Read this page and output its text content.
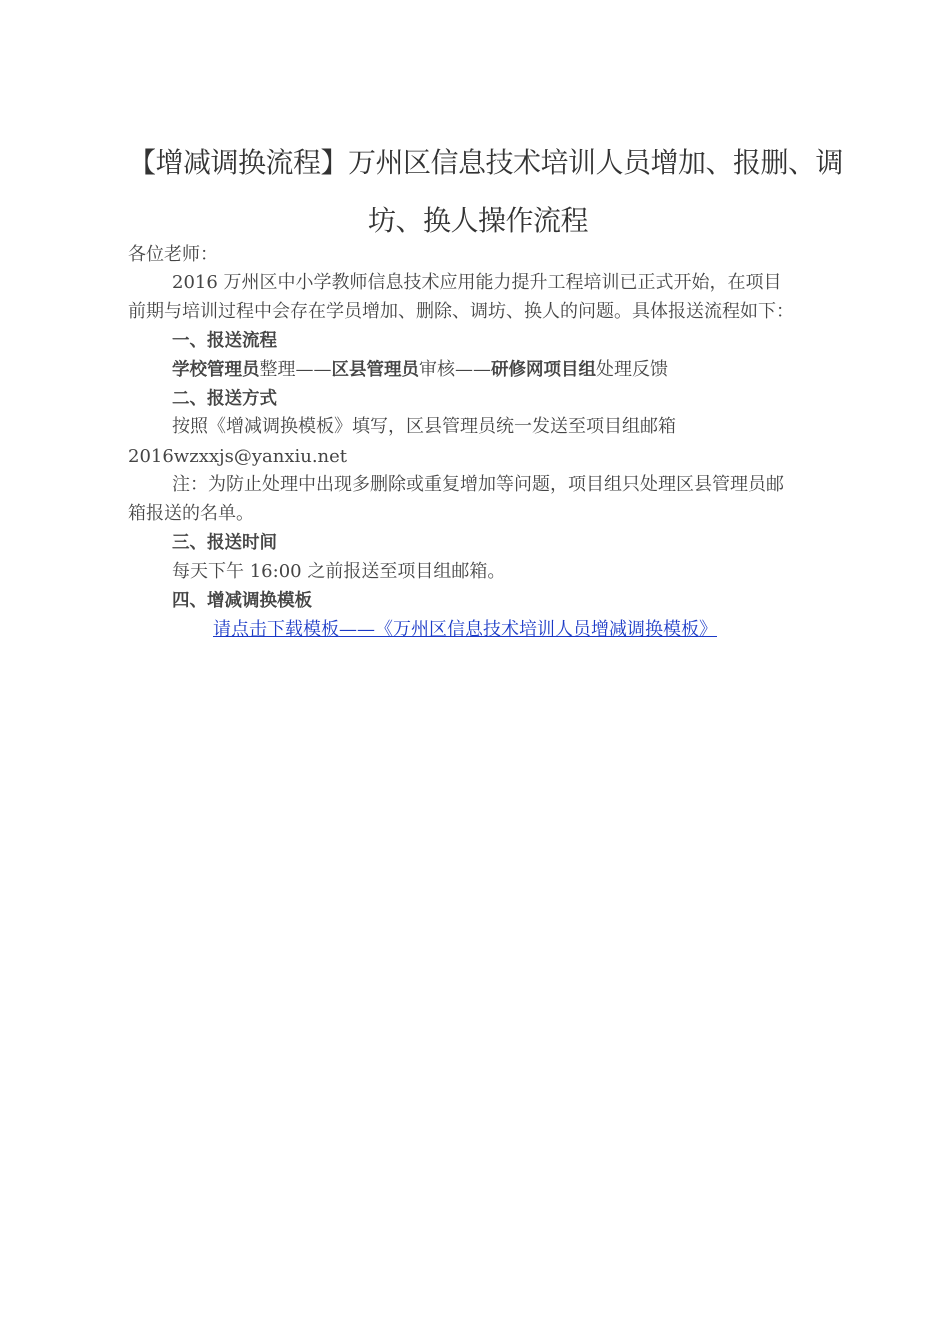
【增减调换流程】万州区信息技术培训人员增加、报删、调
坊、换人操作流程
各位老师：
2016 万州区中小学教师信息技术应用能力提升工程培训已正式开始，在项目
前期与培训过程中会存在学员增加、删除、调坊、换人的问题。具体报送流程如下：
一、报送流程
学校管理员整理——区县管理员审核——研修网项目组处理反馈
二、报送方式
按照《增减调换模板》填写，区县管理员统一发送至项目组邮箱
2016wzxxjs@yanxiu.net
注：为防止处理中出现多删除或重复增加等问题，项目组只处理区县管理员邮
箱报送的名单。
三、报送时间
每天下午 16:00 之前报送至项目组邮箱。
四、增减调换模板
请点击下载模板——《万州区信息技术培训人员增减调换模板》
